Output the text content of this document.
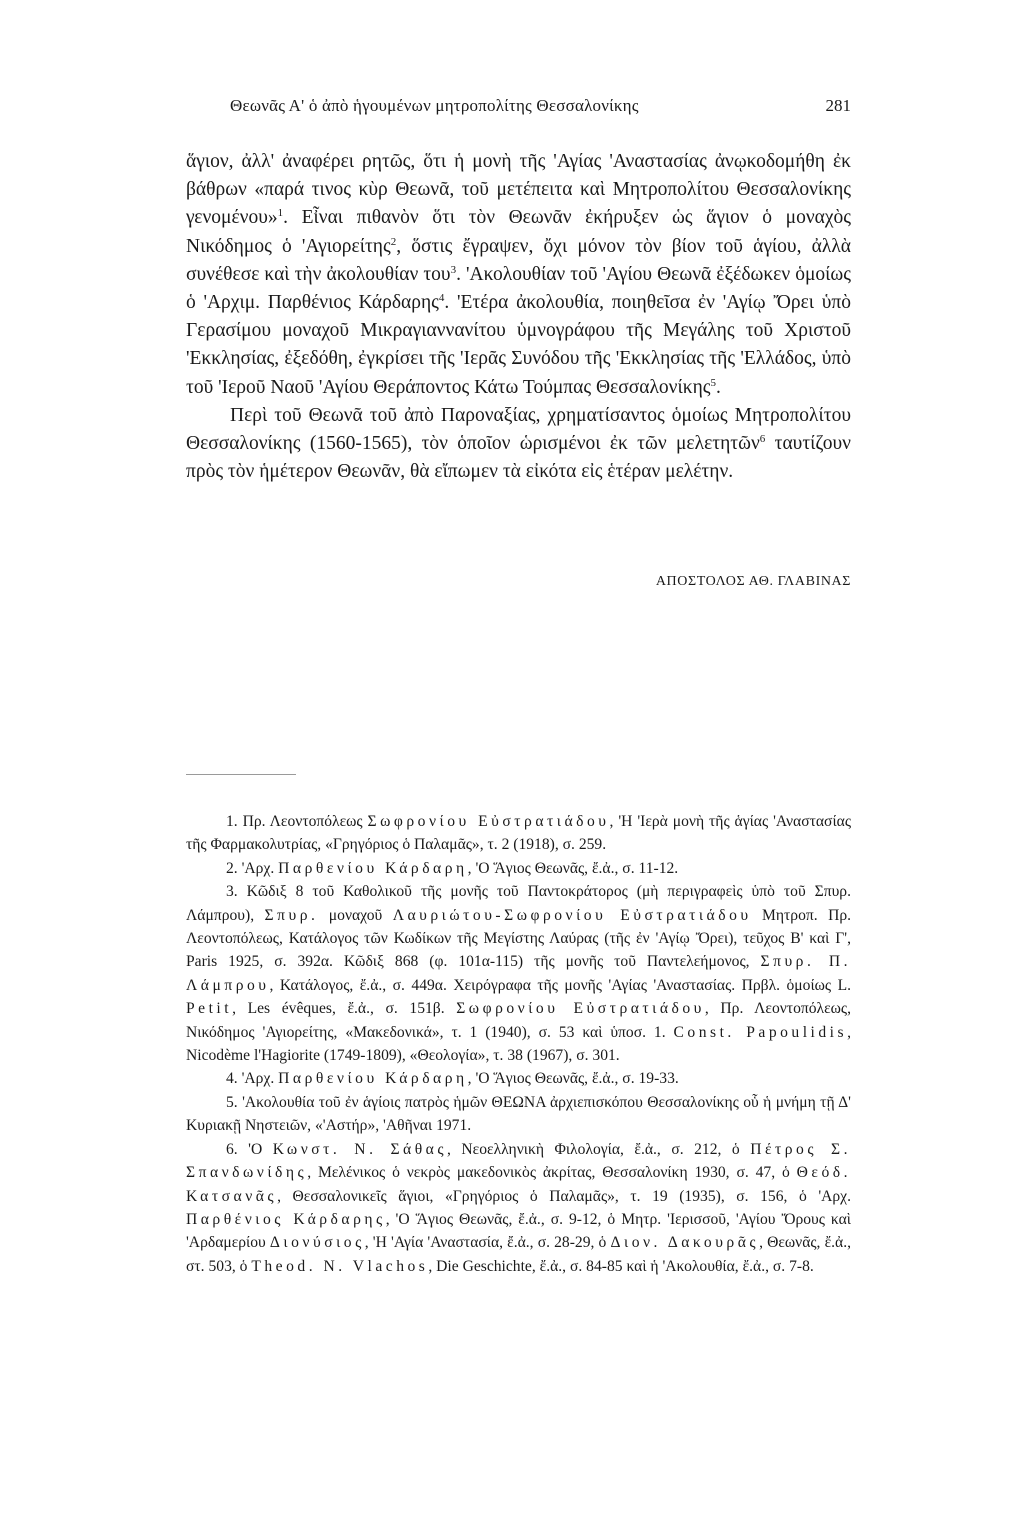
Θεωνᾶς Α' ὁ ἀπὸ ἡγουμένων μητροπολίτης Θεσσαλονίκης	281

ἅγιον, ἀλλ' ἀναφέρει ρητῶς, ὅτι ἡ μονὴ τῆς 'Αγίας 'Αναστασίας ἀνῳκοδομήθη ἐκ βάθρων «παρά τινος κὺρ Θεωνᾶ, τοῦ μετέπειτα καὶ Μητροπολίτου Θεσσαλονίκης γενομένου»$^1$. Εἶναι πιθανὸν ὅτι τὸν Θεωνᾶν ἐκήρυξεν ὡς ἅγιον ὁ μοναχὸς Νικόδημος ὁ 'Αγιορείτης$^2$, ὅστις ἔγραψεν, ὄχι μόνον τὸν βίον τοῦ ἁγίου, ἀλλὰ συνέθεσε καὶ τὴν ἀκολουθίαν του$^3$. 'Ακολουθίαν τοῦ 'Αγίου Θεωνᾶ ἐξέδωκεν ὁμοίως ὁ 'Αρχιμ. Παρθένιος Κάρδαρης$^4$. 'Ετέρα ἀκολουθία, ποιηθεῖσα ἐν 'Αγίῳ Ὄρει ὑπὸ Γερασίμου μοναχοῦ Μικραγιαννανίτου ὑμνογράφου τῆς Μεγάλης τοῦ Χριστοῦ 'Εκκλησίας, ἐξεδόθη, ἐγκρίσει τῆς 'Ιερᾶς Συνόδου τῆς 'Εκκλησίας τῆς 'Ελλάδος, ὑπὸ τοῦ 'Ιεροῦ Ναοῦ 'Αγίου Θεράποντος Κάτω Τούμπας Θεσσαλονίκης$^5$.

Περὶ τοῦ Θεωνᾶ τοῦ ἀπὸ Παροναξίας, χρηματίσαντος ὁμοίως Μητροπολίτου Θεσσαλονίκης (1560-1565), τὸν ὁποῖον ὡρισμένοι ἐκ τῶν μελετητῶν$^6$ ταυτίζουν πρὸς τὸν ἡμέτερον Θεωνᾶν, θὰ εἴπωμεν τὰ εἰκότα εἰς ἑτέραν μελέτην.

ΑΠΟΣΤΟΛΟΣ ΑΘ. ΓΛΑΒΙΝΑΣ

1. Πρ. Λεοντοπόλεως Σωφρονίου Εὐστρατιάδου, 'Η 'Ιερὰ μονὴ τῆς ἁγίας 'Αναστασίας τῆς Φαρμακολυτρίας, «Γρηγόριος ὁ Παλαμᾶς», τ. 2 (1918), σ. 259.

2. 'Αρχ. Παρθενίου Κάρδαρη, 'Ο Ἅγιος Θεωνᾶς, ἔ.ἀ., σ. 11-12.

3. Κῶδιξ 8 τοῦ Καθολικοῦ τῆς μονῆς τοῦ Παντοκράτορος (μὴ περιγραφεὶς ὑπὸ τοῦ Σπυρ. Λάμπρου), Σπυρ. μοναχοῦ Λαυριώτου-Σωφρονίου Εὐστρατιάδου Μητροπ. Πρ. Λεοντοπόλεως, Κατάλογος τῶν Κωδίκων τῆς Μεγίστης Λαύρας (τῆς ἐν 'Αγίῳ Ὄρει), τεῦχος Β' καὶ Γ', Paris 1925, σ. 392α. Κῶδιξ 868 (φ. 101α-115) τῆς μονῆς τοῦ Παντελεήμονος, Σπυρ. Π. Λάμπρου, Κατάλογος, ἔ.ἀ., σ. 449α. Χειρόγραφα τῆς μονῆς 'Αγίας 'Αναστασίας. Πρβλ. ὁμοίως L. Petit, Les évêques, ἔ.ἀ., σ. 151β. Σωφρονίου Εὐστρατιάδου, Πρ. Λεοντοπόλεως, Νικόδημος 'Αγιορείτης, «Μακεδονικά», τ. 1 (1940), σ. 53 καὶ ὑποσ. 1. Const. Papoulidis, Nicodème l'Hagiorite (1749-1809), «Θεολογία», τ. 38 (1967), σ. 301.

4. 'Αρχ. Παρθενίου Κάρδαρη, 'Ο Ἅγιος Θεωνᾶς, ἔ.ἀ., σ. 19-33.

5. 'Ακολουθία τοῦ ἐν ἁγίοις πατρὸς ἡμῶν ΘΕΩΝΑ ἀρχιεπισκόπου Θεσσαλονίκης οὗ ἡ μνήμη τῇ Δ' Κυριακῇ Νηστειῶν, «'Αστήρ», 'Αθῆναι 1971.

6. 'Ο Κωνστ. Ν. Σάθας, Νεοελληνικὴ Φιλολογία, ἔ.ἀ., σ. 212, ὁ Πέτρος Σ. Σπανδωνίδης, Μελένικος ὁ νεκρὸς μακεδονικὸς ἀκρίτας, Θεσσαλονίκη 1930, σ. 47, ὁ Θεόδ. Κατσανᾶς, Θεσσαλονικεῖς ἅγιοι, «Γρηγόριος ὁ Παλαμᾶς», τ. 19 (1935), σ. 156, ὁ 'Αρχ. Παρθένιος Κάρδαρης, 'Ο Ἅγιος Θεωνᾶς, ἔ.ἀ., σ. 9-12, ὁ Μητρ. 'Ιερισσοῦ, 'Αγίου Ὄρους καὶ 'Αρδαμερίου Διονύσιος, 'Η 'Αγία 'Αναστασία, ἔ.ἀ., σ. 28-29, ὁ Διον. Δακουρᾶς, Θεωνᾶς, ἔ.ἀ., στ. 503, ὁ Theod. N. Vlachos, Die Geschichte, ἔ.ἀ., σ. 84-85 καὶ ἡ 'Ακολουθία, ἔ.ἀ., σ. 7-8.
